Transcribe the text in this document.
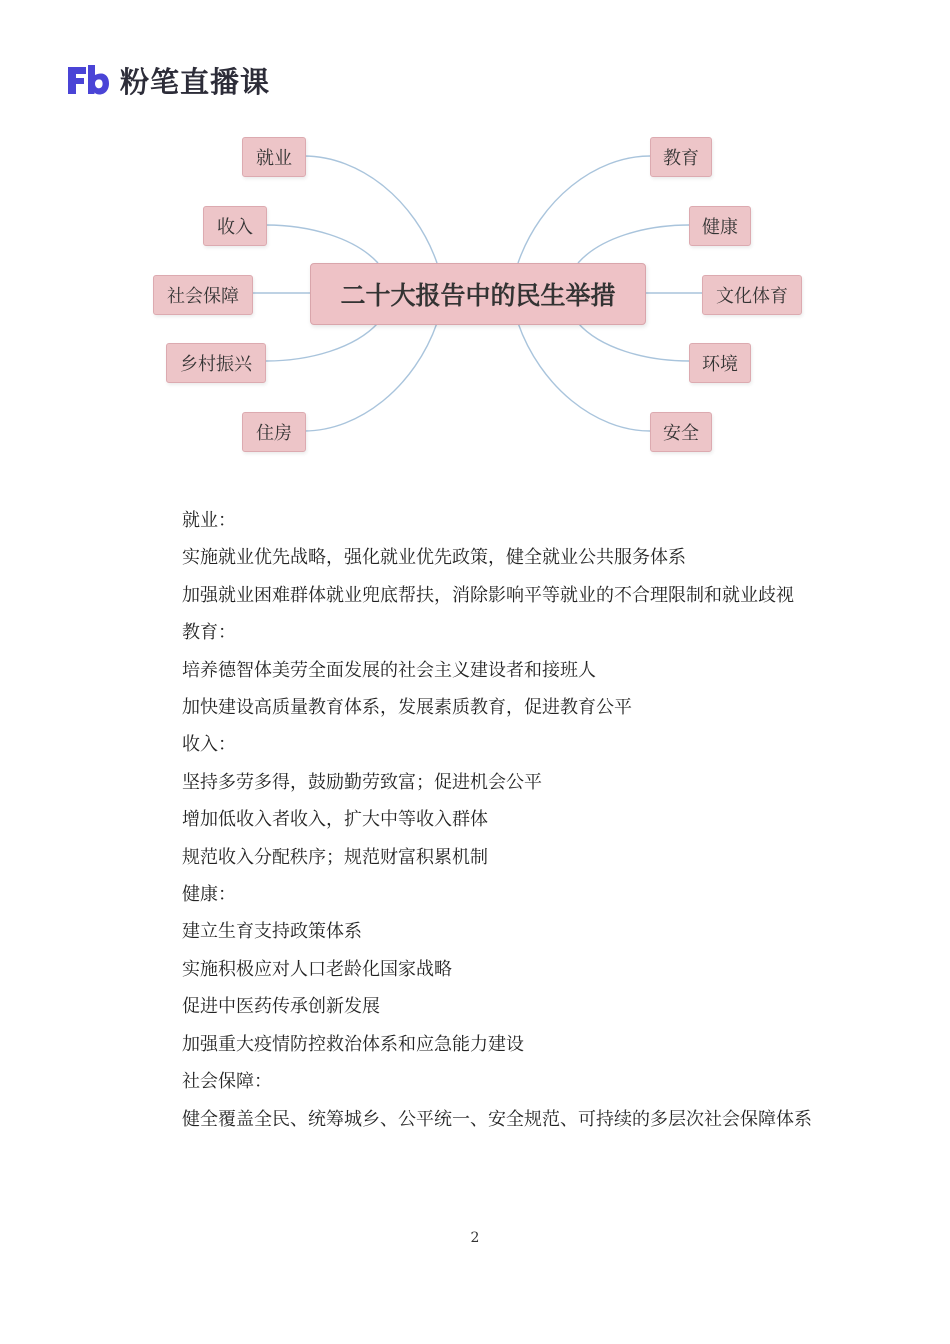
粉笔直播课
二十大报告中的民生举措
就业
收入
社会保障
乡村振兴
住房
教育
健康
文化体育
环境
安全

就业：

实施就业优先战略，强化就业优先政策，健全就业公共服务体系

加强就业困难群体就业兜底帮扶，消除影响平等就业的不合理限制和就业歧视

教育：

培养德智体美劳全面发展的社会主义建设者和接班人

加快建设高质量教育体系，发展素质教育，促进教育公平

收入：

坚持多劳多得，鼓励勤劳致富；促进机会公平

增加低收入者收入，扩大中等收入群体

规范收入分配秩序；规范财富积累机制

健康：

建立生育支持政策体系

实施积极应对人口老龄化国家战略

促进中医药传承创新发展

加强重大疫情防控救治体系和应急能力建设

社会保障：

健全覆盖全民、统筹城乡、公平统一、安全规范、可持续的多层次社会保障体系

2
